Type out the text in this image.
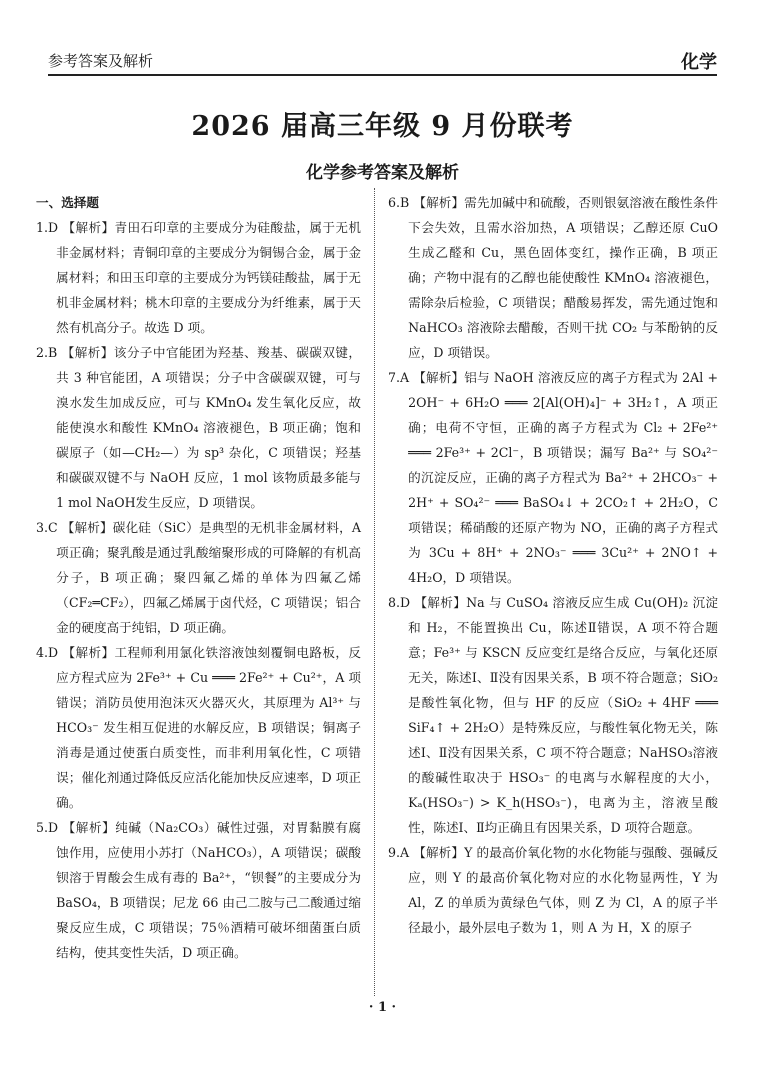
参考答案及解析	化学
2026 届高三年级 9 月份联考
化学参考答案及解析
一、选择题

1.D 【解析】青田石印章的主要成分为硅酸盐，属于无机非金属材料；青铜印章的主要成分为铜锡合金，属于金属材料；和田玉印章的主要成分为钙镁硅酸盐，属于无机非金属材料；桃木印章的主要成分为纤维素，属于天然有机高分子。故选 D 项。

2.B 【解析】该分子中官能团为羟基、羧基、碳碳双键，共 3 种官能团，A 项错误；分子中含碳碳双键，可与溴水发生加成反应，可与 KMnO₄ 发生氧化反应，故能使溴水和酸性 KMnO₄ 溶液褪色，B 项正确；饱和碳原子（如—CH₂—）为 sp³ 杂化，C 项错误；羟基和碳碳双键不与 NaOH 反应，1 mol 该物质最多能与 1 mol NaOH发生反应，D 项错误。

3.C 【解析】碳化硅（SiC）是典型的无机非金属材料，A 项正确；聚乳酸是通过乳酸缩聚形成的可降解的有机高分子，B 项正确；聚四氟乙烯的单体为四氟乙烯（CF₂═CF₂），四氟乙烯属于卤代烃，C 项错误；铝合金的硬度高于纯铝，D 项正确。

4.D 【解析】工程师利用氯化铁溶液蚀刻覆铜电路板，反应方程式应为 2Fe³⁺ + Cu ═══ 2Fe²⁺ + Cu²⁺，A 项错误；消防员使用泡沫灭火器灭火，其原理为 Al³⁺ 与 HCO₃⁻ 发生相互促进的水解反应，B 项错误；铜离子消毒是通过使蛋白质变性，而非利用氧化性，C 项错误；催化剂通过降低反应活化能加快反应速率，D 项正确。

5.D 【解析】纯碱（Na₂CO₃）碱性过强，对胃黏膜有腐蚀作用，应使用小苏打（NaHCO₃），A 项错误；碳酸钡溶于胃酸会生成有毒的 Ba²⁺，“钡餐”的主要成分为 BaSO₄，B 项错误；尼龙 66 由己二胺与己二酸通过缩聚反应生成，C 项错误；75％酒精可破坏细菌蛋白质结构，使其变性失活，D 项正确。

6.B 【解析】需先加碱中和硫酸，否则银氨溶液在酸性条件下会失效，且需水浴加热，A 项错误；乙醇还原 CuO 生成乙醛和 Cu，黑色固体变红，操作正确，B 项正确；产物中混有的乙醇也能使酸性 KMnO₄ 溶液褪色，需除杂后检验，C 项错误；醋酸易挥发，需先通过饱和 NaHCO₃ 溶液除去醋酸，否则干扰 CO₂ 与苯酚钠的反应，D 项错误。

7.A 【解析】铝与 NaOH 溶液反应的离子方程式为 2Al + 2OH⁻ + 6H₂O ═══ 2[Al(OH)₄]⁻ + 3H₂↑，A 项正确；电荷不守恒，正确的离子方程式为 Cl₂ + 2Fe²⁺ ═══ 2Fe³⁺ + 2Cl⁻，B 项错误；漏写 Ba²⁺ 与 SO₄²⁻ 的沉淀反应，正确的离子方程式为 Ba²⁺ + 2HCO₃⁻ + 2H⁺ + SO₄²⁻ ═══ BaSO₄↓ + 2CO₂↑ + 2H₂O，C 项错误；稀硝酸的还原产物为 NO，正确的离子方程式为 3Cu + 8H⁺ + 2NO₃⁻ ═══ 3Cu²⁺ + 2NO↑ + 4H₂O，D 项错误。

8.D 【解析】Na 与 CuSO₄ 溶液反应生成 Cu(OH)₂ 沉淀和 H₂，不能置换出 Cu，陈述Ⅱ错误，A 项不符合题意；Fe³⁺ 与 KSCN 反应变红是络合反应，与氧化还原无关，陈述Ⅰ、Ⅱ没有因果关系，B 项不符合题意；SiO₂ 是酸性氧化物，但与 HF 的反应（SiO₂ + 4HF ═══ SiF₄↑ + 2H₂O）是特殊反应，与酸性氧化物无关，陈述Ⅰ、Ⅱ没有因果关系，C 项不符合题意；NaHSO₃溶液的酸碱性取决于 HSO₃⁻ 的电离与水解程度的大小，Kₐ(HSO₃⁻) > K_h(HSO₃⁻)，电离为主，溶液呈酸性，陈述Ⅰ、Ⅱ均正确且有因果关系，D 项符合题意。

9.A 【解析】Y 的最高价氧化物的水化物能与强酸、强碱反应，则 Y 的最高价氧化物对应的水化物显两性，Y 为 Al，Z 的单质为黄绿色气体，则 Z 为 Cl，A 的原子半径最小，最外层电子数为 1，则 A 为 H，X 的原子

· 1 ·
